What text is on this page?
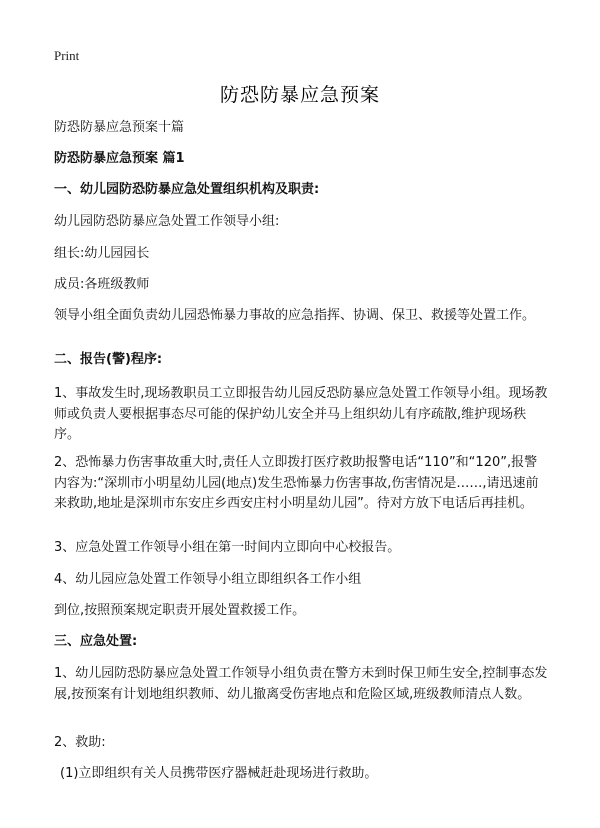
Print
防恐防暴应急预案
防恐防暴应急预案十篇
防恐防暴应急预案 篇1
一、幼儿园防恐防暴应急处置组织机构及职责:
幼儿园防恐防暴应急处置工作领导小组:
组长:幼儿园园长
成员:各班级教师
领导小组全面负责幼儿园恐怖暴力事故的应急指挥、协调、保卫、救援等处置工作。
二、报告(警)程序:
1、事故发生时,现场教职员工立即报告幼儿园反恐防暴应急处置工作领导小组。现场教师或负责人要根据事态尽可能的保护幼儿安全并马上组织幼儿有序疏散,维护现场秩序。
2、恐怖暴力伤害事故重大时,责任人立即拨打医疗救助报警电话“110”和“120”,报警内容为:“深圳市小明星幼儿园(地点)发生恐怖暴力伤害事故,伤害情况是……,请迅速前来救助,地址是深圳市东安庄乡西安庄村小明星幼儿园”。待对方放下电话后再挂机。
3、应急处置工作领导小组在第一时间内立即向中心校报告。
4、幼儿园应急处置工作领导小组立即组织各工作小组
到位,按照预案规定职责开展处置救援工作。
三、应急处置:
1、幼儿园防恐防暴应急处置工作领导小组负责在警方未到时保卫师生安全,控制事态发展,按预案有计划地组织教师、幼儿撤离受伤害地点和危险区域,班级教师清点人数。
2、救助:
(1)立即组织有关人员携带医疗器械赶赴现场进行救助。
